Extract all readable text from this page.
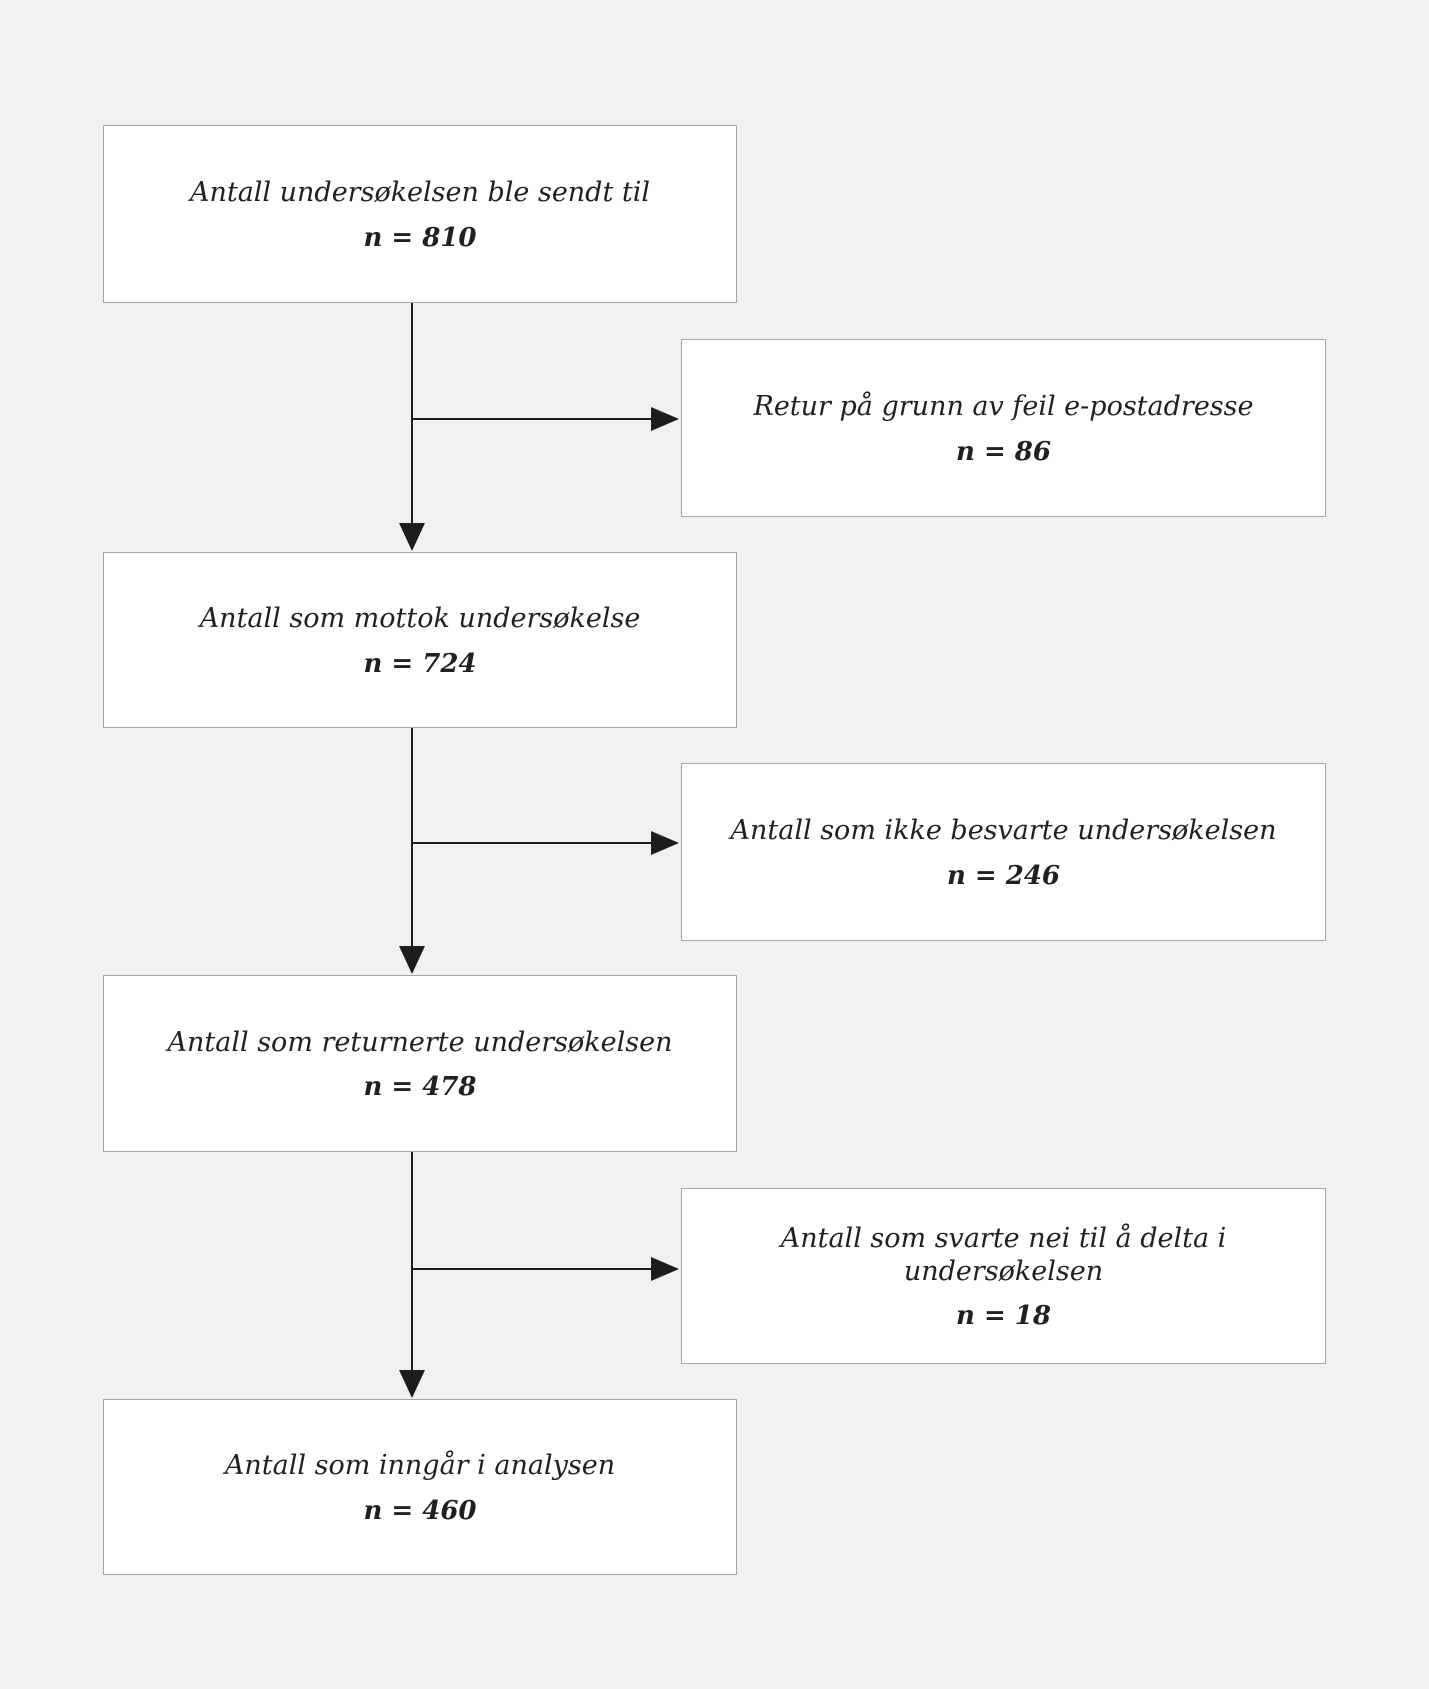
Antall undersøkelsen ble sendt til
n = 810
Retur på grunn av feil e-postadresse
n = 86
Antall som mottok undersøkelse
n = 724
Antall som ikke besvarte undersøkelsen
n = 246
Antall som returnerte undersøkelsen
n = 478
Antall som svarte nei til å delta i  undersøkelsen
n = 18
Antall som inngår i analysen
n = 460
